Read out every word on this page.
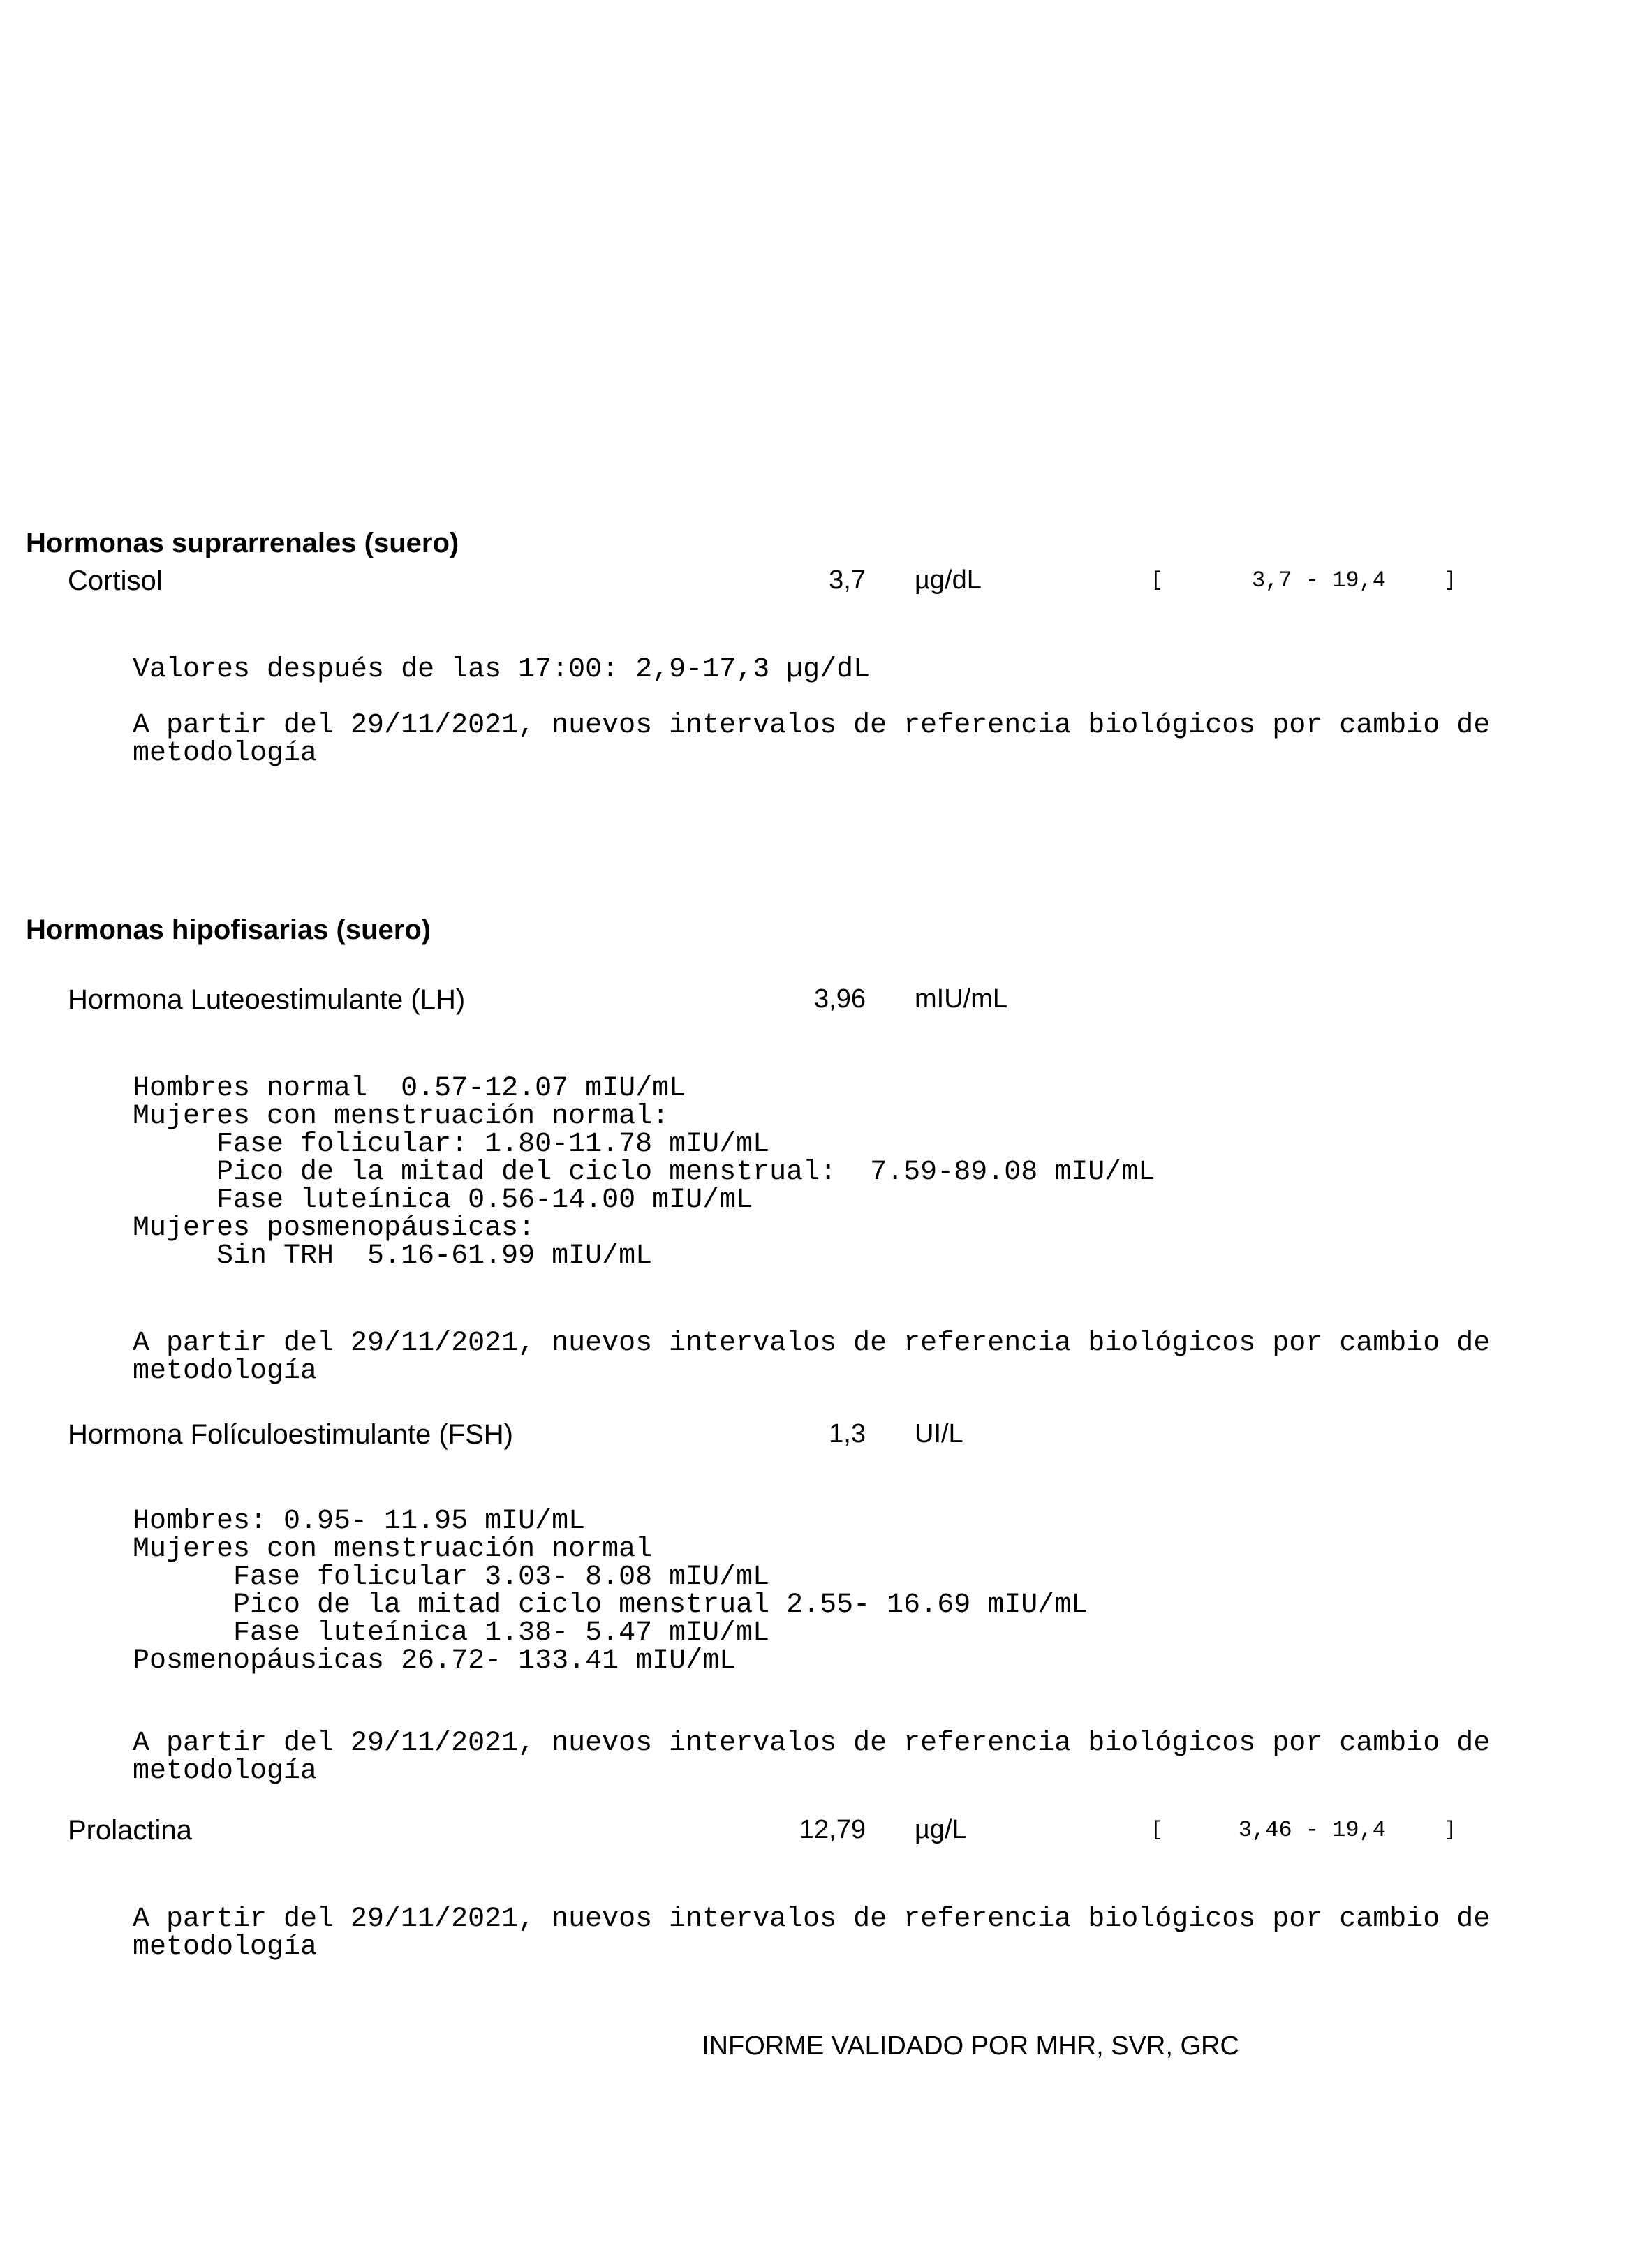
Hormonas suprarrenales (suero)
Cortisol	3,7 µg/dL	[	3,7 - 19,4	]
Valores después de las 17:00: 2,9-17,3 µg/dL
A partir del 29/11/2021, nuevos intervalos de referencia biológicos por cambio de
metodología
Hormonas hipofisarias (suero)
Hormona Luteoestimulante (LH)	3,96 mIU/mL
Hombres normal  0.57-12.07 mIU/mL
Mujeres con menstruación normal:
Fase folicular: 1.80-11.78 mIU/mL
Pico de la mitad del ciclo menstrual:  7.59-89.08 mIU/mL
Fase luteínica 0.56-14.00 mIU/mL
Mujeres posmenopáusicas:
Sin TRH  5.16-61.99 mIU/mL
A partir del 29/11/2021, nuevos intervalos de referencia biológicos por cambio de
metodología
Hormona Folículoestimulante (FSH)	1,3 UI/L
Hombres: 0.95- 11.95 mIU/mL
Mujeres con menstruación normal
Fase folicular 3.03- 8.08 mIU/mL
Pico de la mitad ciclo menstrual 2.55- 16.69 mIU/mL
Fase luteínica 1.38- 5.47 mIU/mL
Posmenopáusicas 26.72- 133.41 mIU/mL
A partir del 29/11/2021, nuevos intervalos de referencia biológicos por cambio de
metodología
Prolactina	12,79 µg/L	[	3,46 - 19,4	]
A partir del 29/11/2021, nuevos intervalos de referencia biológicos por cambio de
metodología
INFORME VALIDADO POR MHR, SVR, GRC
